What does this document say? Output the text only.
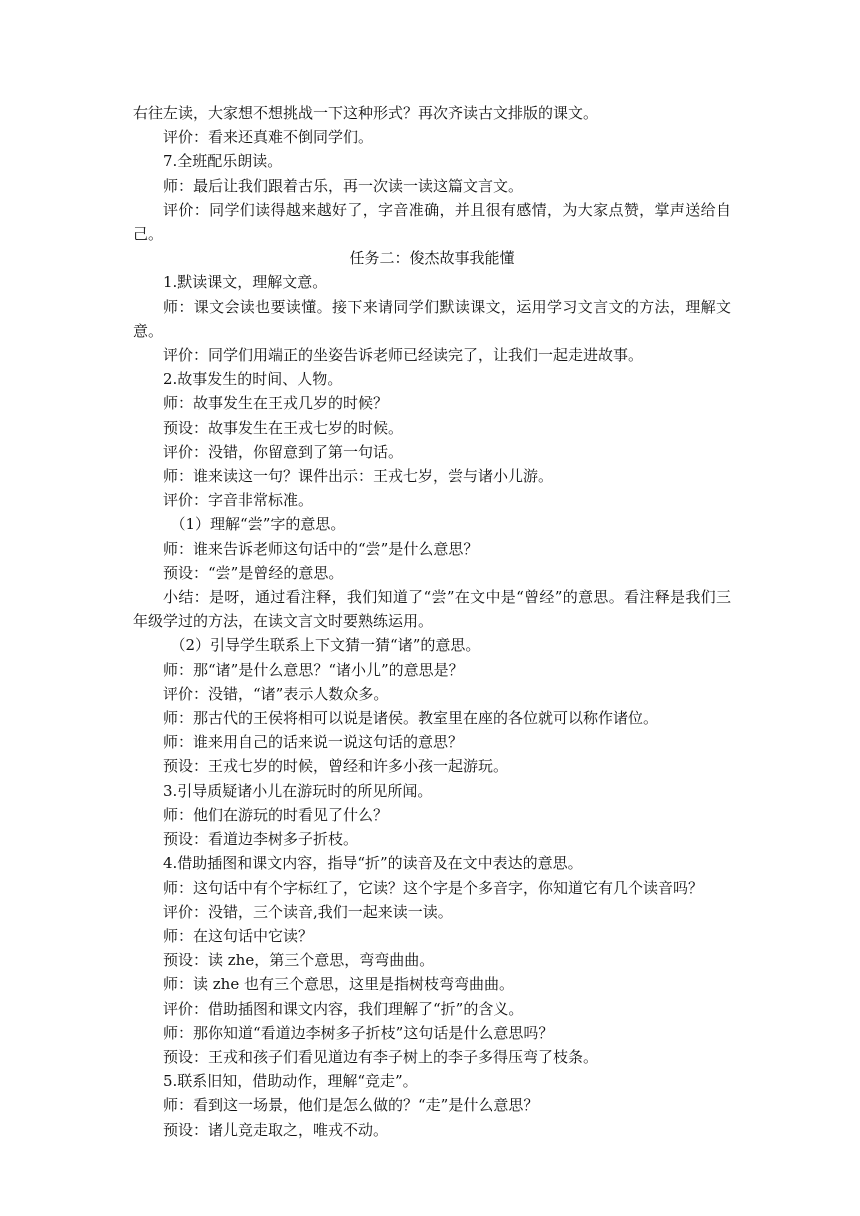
右往左读，大家想不想挑战一下这种形式？再次齐读古文排版的课文。

评价：看来还真难不倒同学们。

7.全班配乐朗读。

师：最后让我们跟着古乐，再一次读一读这篇文言文。

评价：同学们读得越来越好了，字音准确，并且很有感情，为大家点赞，掌声送给自己。

任务二：俊杰故事我能懂

1.默读课文，理解文意。

师：课文会读也要读懂。接下来请同学们默读课文，运用学习文言文的方法，理解文意。

评价：同学们用端正的坐姿告诉老师已经读完了，让我们一起走进故事。

2.故事发生的时间、人物。

师：故事发生在王戎几岁的时候？

预设：故事发生在王戎七岁的时候。

评价：没错，你留意到了第一句话。

师：谁来读这一句？课件出示：王戎七岁，尝与诸小儿游。

评价：字音非常标准。

（1）理解“尝”字的意思。

师：谁来告诉老师这句话中的“尝”是什么意思？

预设：“尝”是曾经的意思。

小结：是呀，通过看注释，我们知道了“尝”在文中是“曾经”的意思。看注释是我们三年级学过的方法，在读文言文时要熟练运用。

（2）引导学生联系上下文猜一猜“诸”的意思。

师：那“诸”是什么意思？“诸小儿”的意思是？

评价：没错，“诸”表示人数众多。

师：那古代的王侯将相可以说是诸侯。教室里在座的各位就可以称作诸位。

师：谁来用自己的话来说一说这句话的意思？

预设：王戎七岁的时候，曾经和许多小孩一起游玩。

3.引导质疑诸小儿在游玩时的所见所闻。

师：他们在游玩的时看见了什么？

预设：看道边李树多子折枝。

4.借助插图和课文内容，指导“折”的读音及在文中表达的意思。

师：这句话中有个字标红了，它读？这个字是个多音字，你知道它有几个读音吗？

评价：没错，三个读音,我们一起来读一读。

师：在这句话中它读？

预设：读 zhe，第三个意思，弯弯曲曲。

师：读 zhe 也有三个意思，这里是指树枝弯弯曲曲。

评价：借助插图和课文内容，我们理解了“折”的含义。

师：那你知道“看道边李树多子折枝”这句话是什么意思吗？

预设：王戎和孩子们看见道边有李子树上的李子多得压弯了枝条。

5.联系旧知，借助动作，理解“竞走”。

师：看到这一场景，他们是怎么做的？“走”是什么意思？

预设：诸儿竞走取之，唯戎不动。
